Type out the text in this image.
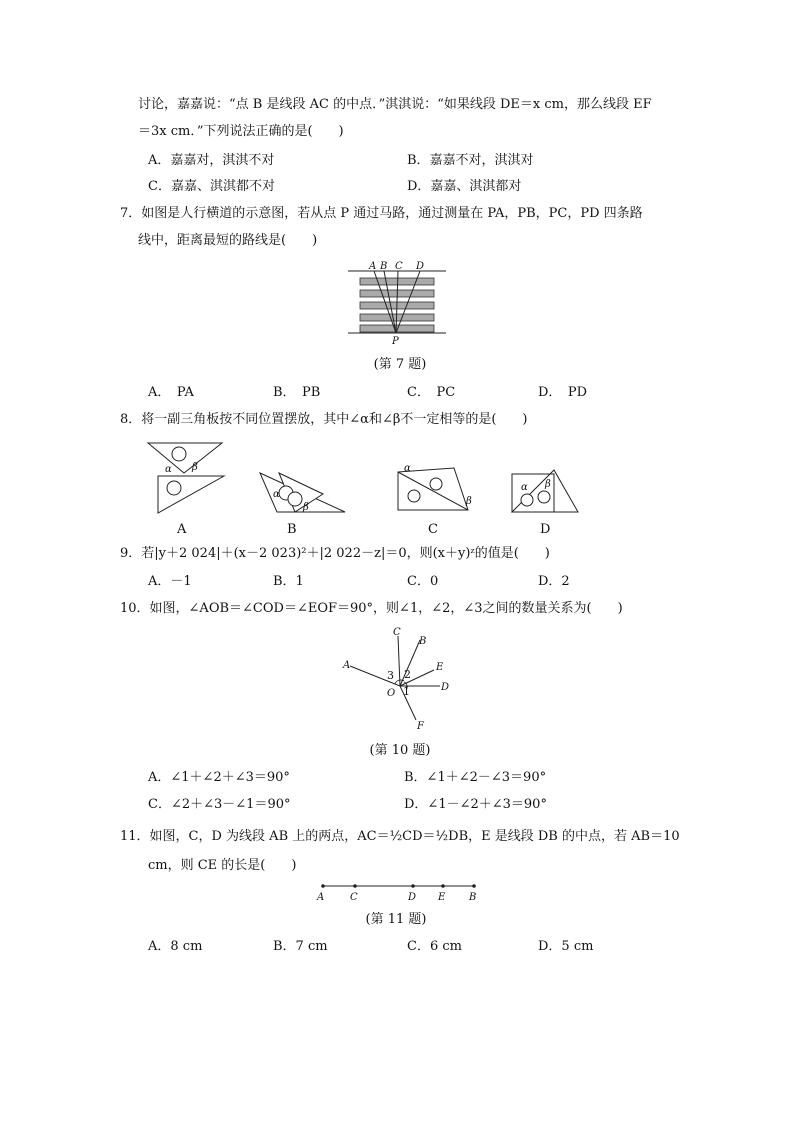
讨论，嘉嘉说：“点 B 是线段 AC 的中点．”淇淇说：“如果线段 DE＝x cm，那么线段 EF
＝3x cm．”下列说法正确的是(　　)
A．嘉嘉对，淇淇不对	B．嘉嘉不对，淇淇对
C．嘉嘉、淇淇都不对	D．嘉嘉、淇淇都对
7．如图是人行横道的示意图，若从点 P 通过马路，通过测量在 PA，PB，PC，PD 四条路
线中，距离最短的路线是(　　)
A B C D
P
(第 7 题)
A．　PA	B．　PB	C．　PC	D．　PD
8．将一副三角板按不同位置摆放，其中∠α和∠β不一定相等的是(　　)
α β
α
β
α
β
α β
A	B	C	D
9．若|y＋2 024|＋(x－2 023)²＋|2 022－z|＝0，则(x＋y)ᶻ的值是(　　)
A．－1	B．1	C．0	D．2
10．如图，∠AOB＝∠COD＝∠EOF＝90°，则∠1，∠2，∠3之间的数量关系为(　　)
A
B
C
D
E
F
O 1
2
3
(第 10 题)
A．∠1＋∠2＋∠3＝90°	B．∠1＋∠2－∠3＝90°
C．∠2＋∠3－∠1＝90°	D．∠1－∠2＋∠3＝90°
11．如图，C，D 为线段 AB 上的两点，AC＝½CD＝½DB，E 是线段 DB 的中点，若 AB＝10
cm，则 CE 的长是(　　)
A	C	D E B
(第 11 题)
A．8 cm	B．7 cm	C．6 cm	D．5 cm
